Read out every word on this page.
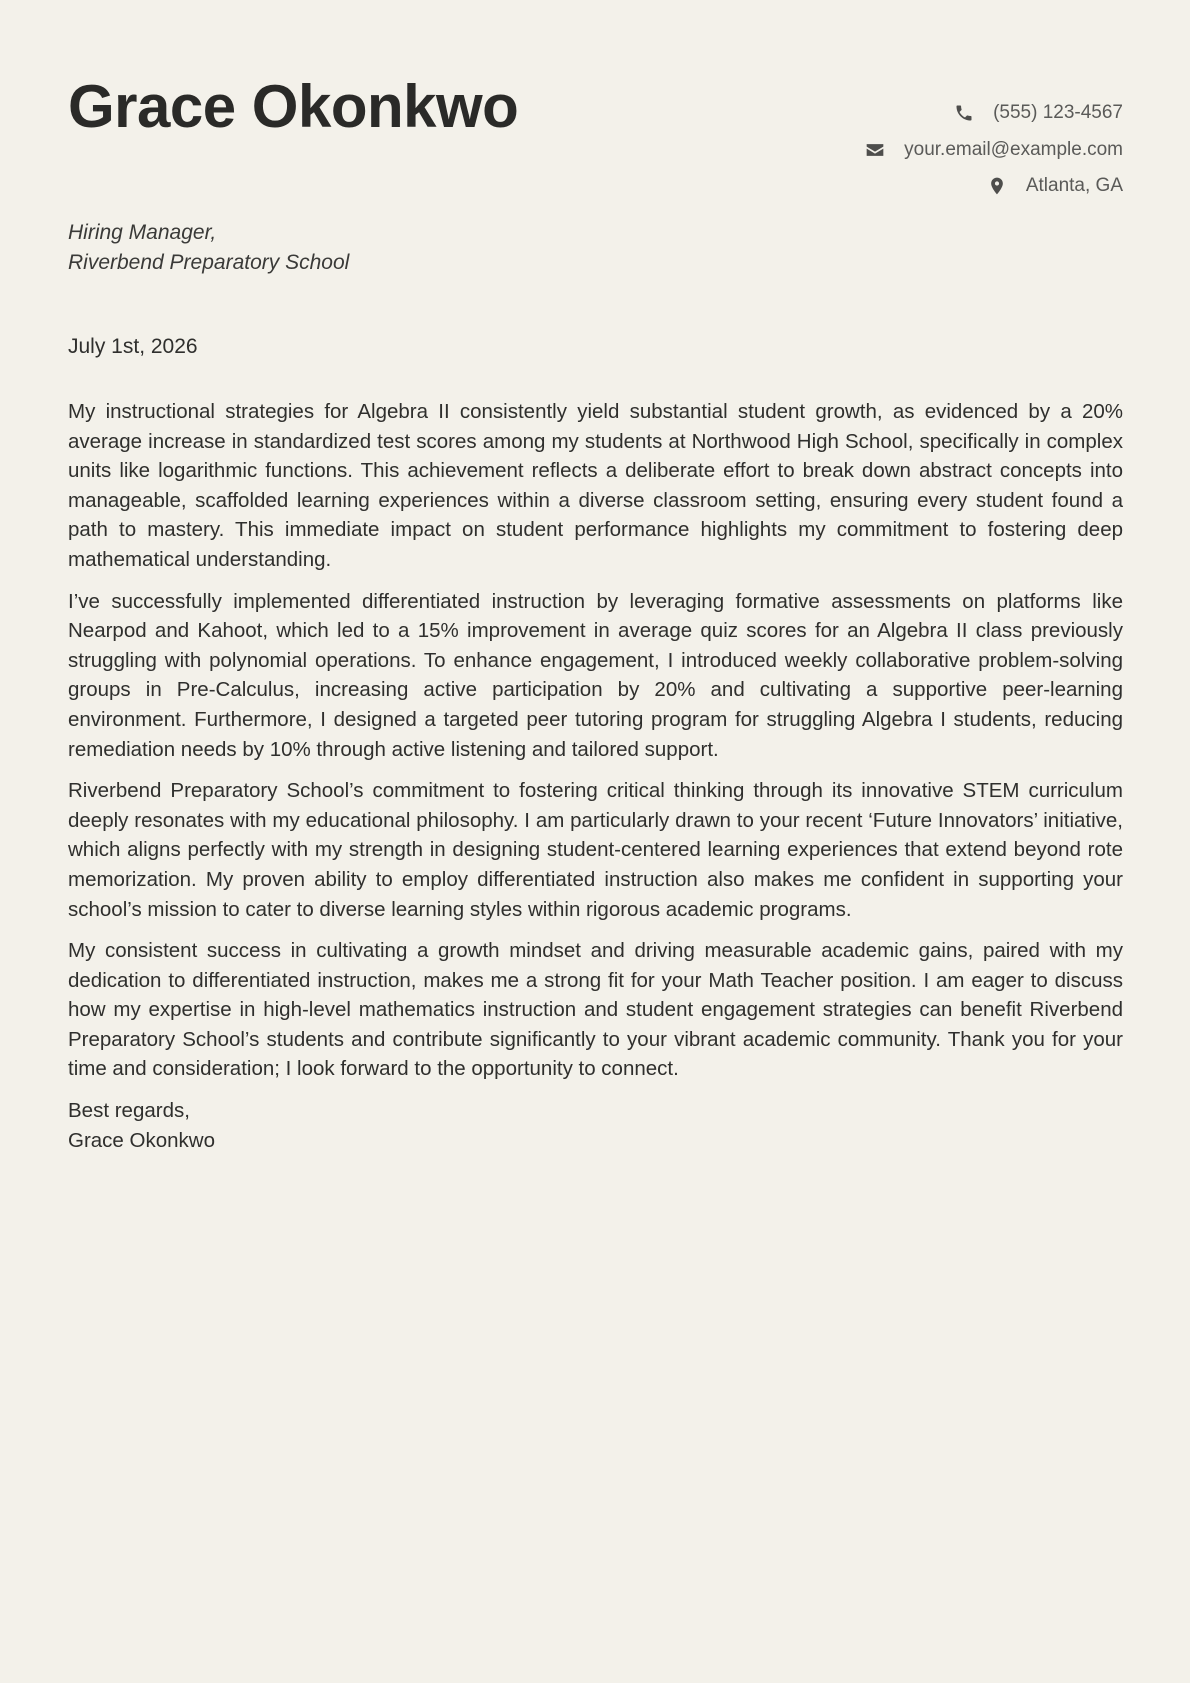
Grace Okonkwo	(555) 123-4567
your.email@example.com
Atlanta, GA
Hiring Manager,
Riverbend Preparatory School
July 1st, 2026

My instructional strategies for Algebra II consistently yield substantial student growth, as evidenced by a 20% average increase in standardized test scores among my students at Northwood High School, specifically in complex units like logarithmic functions. This achievement reflects a deliberate effort to break down abstract concepts into manageable, scaffolded learning experiences within a diverse classroom setting, ensuring every student found a path to mastery. This immediate impact on student performance highlights my commitment to fostering deep mathematical understanding.

I’ve successfully implemented differentiated instruction by leveraging formative assessments on platforms like Nearpod and Kahoot, which led to a 15% improvement in average quiz scores for an Algebra II class previously struggling with polynomial operations. To enhance engagement, I introduced weekly collaborative problem-solving groups in Pre-Calculus, increasing active participation by 20% and cultivating a supportive peer-learning environment. Furthermore, I designed a targeted peer tutoring program for struggling Algebra I students, reducing remediation needs by 10% through active listening and tailored support.

Riverbend Preparatory School’s commitment to fostering critical thinking through its innovative STEM curriculum deeply resonates with my educational philosophy. I am particularly drawn to your recent ‘Future Innovators’ initiative, which aligns perfectly with my strength in designing student-centered learning experiences that extend beyond rote memorization. My proven ability to employ differentiated instruction also makes me confident in supporting your school’s mission to cater to diverse learning styles within rigorous academic programs.

My consistent success in cultivating a growth mindset and driving measurable academic gains, paired with my dedication to differentiated instruction, makes me a strong fit for your Math Teacher position. I am eager to discuss how my expertise in high-level mathematics instruction and student engagement strategies can benefit Riverbend Preparatory School’s students and contribute significantly to your vibrant academic community. Thank you for your time and consideration; I look forward to the opportunity to connect.

Best regards,
Grace Okonkwo
